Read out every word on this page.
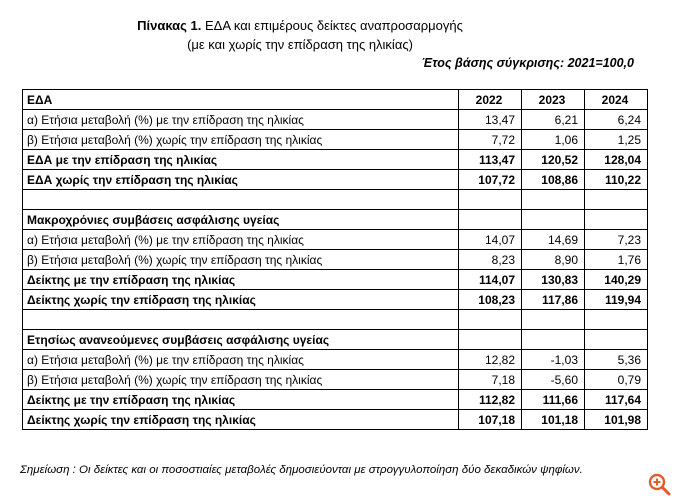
Πίνακας 1. ΕΔΑ και επιμέρους δείκτες αναπροσαρμογής
(με και χωρίς την επίδραση της ηλικίας)
Έτος βάσης σύγκρισης: 2021=100,0
ΕΔΑ	2022	2023	2024
α) Ετήσια μεταβολή (%) με την επίδραση της ηλικίας	13,47	6,21	6,24
β) Ετήσια μεταβολή (%) χωρίς την επίδραση της ηλικίας	7,72	1,06	1,25
ΕΔΑ με την επίδραση της ηλικίας	113,47	120,52	128,04
ΕΔΑ χωρίς την επίδραση της ηλικίας	107,72	108,86	110,22

Μακροχρόνιες συμβάσεις ασφάλισης υγείας			
α) Ετήσια μεταβολή (%) με την επίδραση της ηλικίας	14,07	14,69	7,23
β) Ετήσια μεταβολή (%) χωρίς την επίδραση της ηλικίας	8,23	8,90	1,76
Δείκτης με την επίδραση της ηλικίας	114,07	130,83	140,29
Δείκτης χωρίς την επίδραση της ηλικίας	108,23	117,86	119,94

Ετησίως ανανεούμενες συμβάσεις ασφάλισης υγείας			
α) Ετήσια μεταβολή (%) με την επίδραση της ηλικίας	12,82	-1,03	5,36
β) Ετήσια μεταβολή (%) χωρίς την επίδραση της ηλικίας	7,18	-5,60	0,79
Δείκτης με την επίδραση της ηλικίας	112,82	111,66	117,64
Δείκτης χωρίς την επίδραση της ηλικίας	107,18	101,18	101,98
Σημείωση : Οι δείκτες και οι ποσοστιαίες μεταβολές δημοσιεύονται με στρογγυλοποίηση δύο δεκαδικών ψηφίων.
